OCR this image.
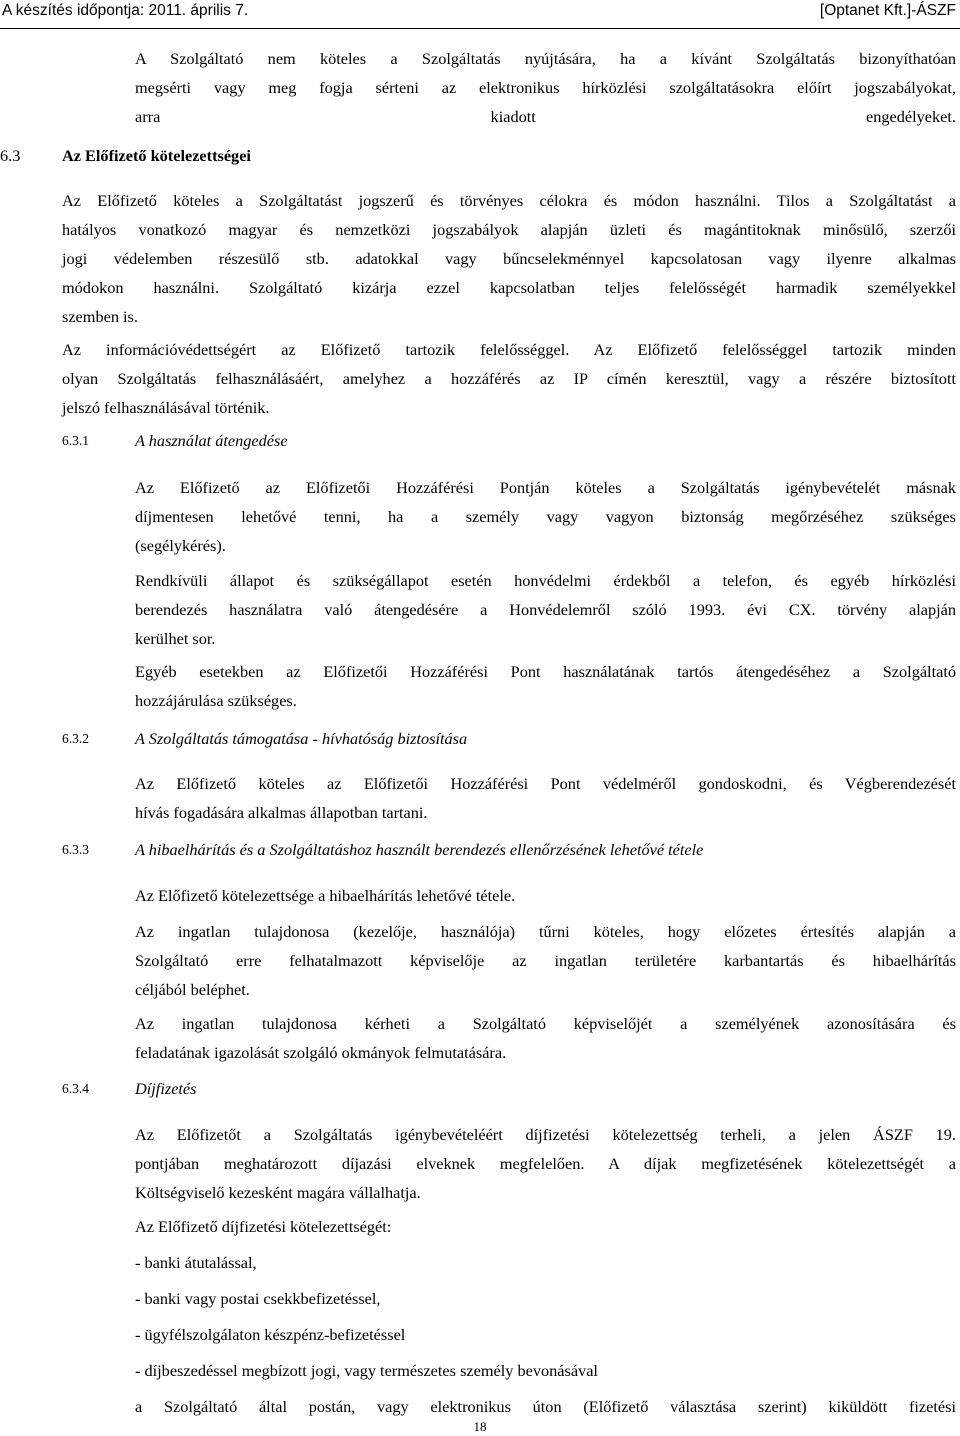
A készítés időpontja: 2011. április 7.	[Optanet Kft.]-ÁSZF

A Szolgáltató nem köteles a Szolgáltatás nyújtására, ha a kívánt Szolgáltatás bizonyíthatóan
megsérti vagy meg fogja sérteni az elektronikus hírközlési szolgáltatásokra előírt jogszabályokat,
arra kiadott engedélyeket.

6.3	Az Előfizető kötelezettségei
Az Előfizető köteles a Szolgáltatást jogszerű és törvényes célokra és módon használni. Tilos a Szolgáltatást a
hatályos vonatkozó magyar és nemzetközi jogszabályok alapján üzleti és magántitoknak minősülő, szerzői
jogi védelemben részesülő stb. adatokkal vagy bűncselekménnyel kapcsolatosan vagy ilyenre alkalmas
módokon használni. Szolgáltató kizárja ezzel kapcsolatban teljes felelősségét harmadik személyekkel
szemben is.
Az információvédettségért az Előfizető tartozik felelősséggel. Az Előfizető felelősséggel tartozik minden
olyan Szolgáltatás felhasználásáért, amelyhez a hozzáférés az IP címén keresztül, vagy a részére biztosított
jelszó felhasználásával történik.
6.3.1	A használat átengedése
Az Előfizető az Előfizetői Hozzáférési Pontján köteles a Szolgáltatás igénybevételét másnak
díjmentesen lehetővé tenni, ha a személy vagy vagyon biztonság megőrzéséhez szükséges
(segélykérés).
Rendkívüli állapot és szükségállapot esetén honvédelmi érdekből a telefon, és egyéb hírközlési
berendezés használatra való átengedésére a Honvédelemről szóló 1993. évi CX. törvény alapján
kerülhet sor.
Egyéb esetekben az Előfizetői Hozzáférési Pont használatának tartós átengedéséhez a Szolgáltató
hozzájárulása szükséges.
6.3.2	A Szolgáltatás támogatása - hívhatóság biztosítása
Az Előfizető köteles az Előfizetői Hozzáférési Pont védelméről gondoskodni, és Végberendezését
hívás fogadására alkalmas állapotban tartani.
6.3.3	A hibaelhárítás és a Szolgáltatáshoz használt berendezés ellenőrzésének lehetővé tétele
Az Előfizető kötelezettsége a hibaelhárítás lehetővé tétele.
Az ingatlan tulajdonosa (kezelője, használója) tűrni köteles, hogy előzetes értesítés alapján a
Szolgáltató erre felhatalmazott képviselője az ingatlan területére karbantartás és hibaelhárítás
céljából beléphet.
Az ingatlan tulajdonosa kérheti a Szolgáltató képviselőjét a személyének azonosítására és
feladatának igazolását szolgáló okmányok felmutatására.
6.3.4	Díjfizetés
Az Előfizetőt a Szolgáltatás igénybevételéért díjfizetési kötelezettség terheli, a jelen ÁSZF 19.
pontjában meghatározott díjazási elveknek megfelelően. A díjak megfizetésének kötelezettségét a
Költségviselő kezesként magára vállalhatja.
Az Előfizető díjfizetési kötelezettségét:
- banki átutalással,
- banki vagy postai csekkbefizetéssel,
- ügyfélszolgálaton készpénz-befizetéssel
- díjbeszedéssel megbízott jogi, vagy természetes személy bevonásával
a Szolgáltató által postán, vagy elektronikus úton (Előfizető választása szerint) kiküldött fizetési
18
